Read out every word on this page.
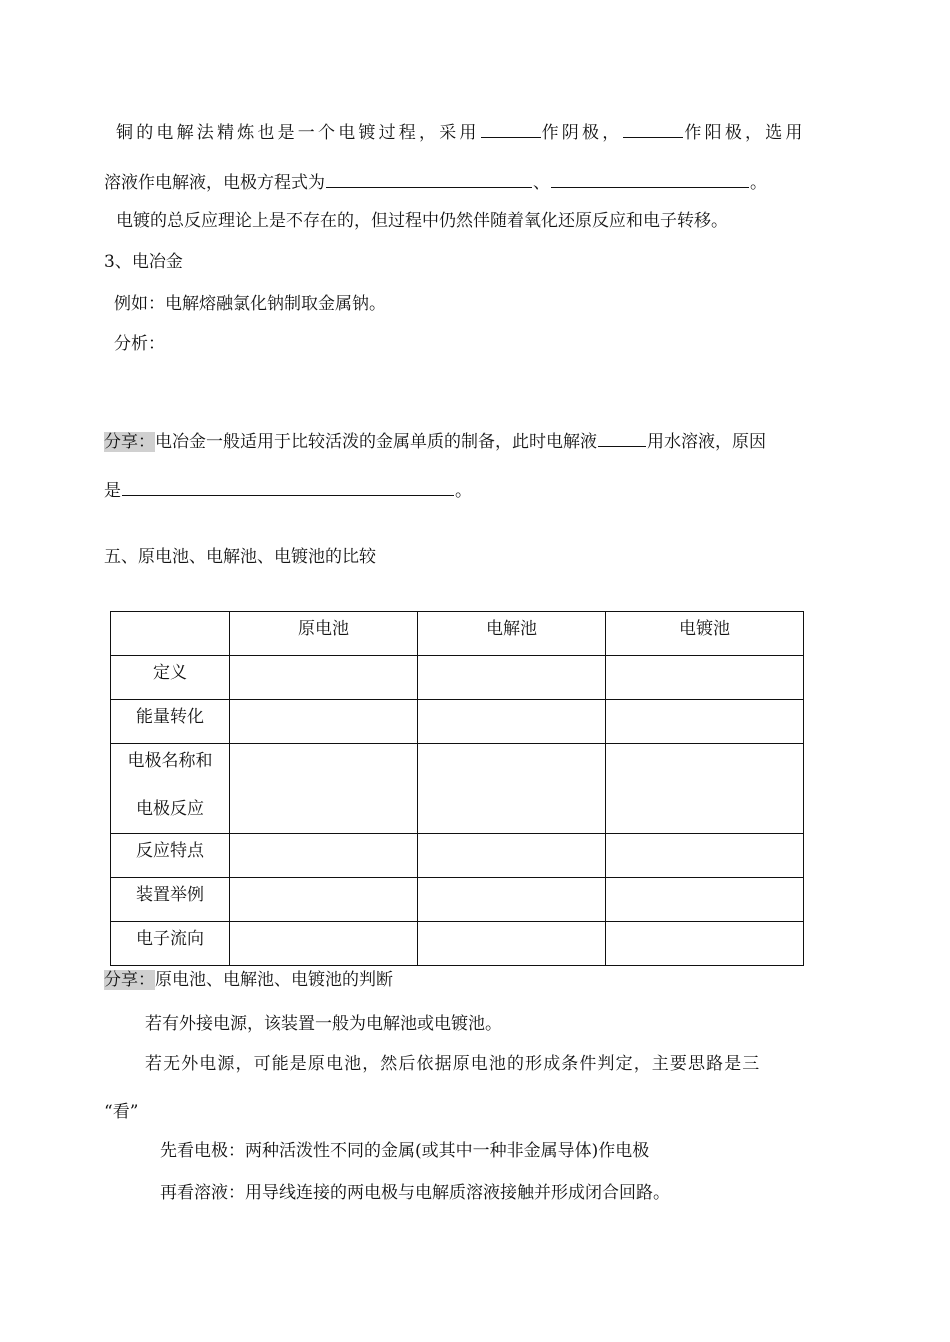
铜的电解法精炼也是一个电镀过程，采用	作阴极，	作阳极，选用
溶液作电解液，电极方程式为	、	。
电镀的总反应理论上是不存在的，但过程中仍然伴随着氧化还原反应和电子转移。
3、电冶金
例如：电解熔融氯化钠制取金属钠。
分析：
分享：电冶金一般适用于比较活泼的金属单质的制备，此时电解液	用水溶液，原因
是	。
五、原电池、电解池、电镀池的比较

	原电池	电解池	电镀池

定义			

能量转化			

电极名称和
电极反应			

反应特点			

装置举例			

电子流向			

分享：原电池、电解池、电镀池的判断
若有外接电源，该装置一般为电解池或电镀池。
若无外电源，可能是原电池，然后依据原电池的形成条件判定，主要思路是三
“看”
先看电极：两种活泼性不同的金属(或其中一种非金属导体)作电极
再看溶液：用导线连接的两电极与电解质溶液接触并形成闭合回路。
